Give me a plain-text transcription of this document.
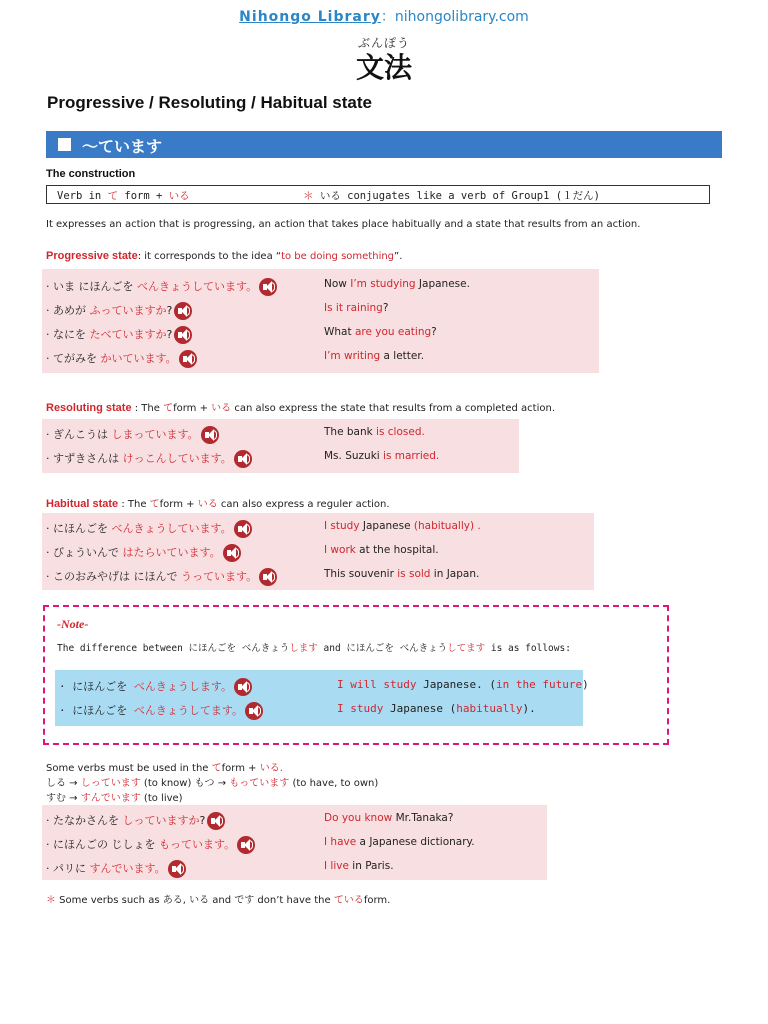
Nihongo Library：nihongolibrary.com
ぶんぽう
文法
Progressive / Resoluting / Habitual state
〜ています
The construction
Verb in て form + いる	＊ いる conjugates like a verb of Group1 (１だん)
It expresses an action that is progressing, an action that takes place habitually and a state that results from an action.
Progressive state: it corresponds to the idea “to be doing something”.
· いま にほんごを べんきょうしています。	Now I’m studying Japanese.
· あめが ふっていますか?	Is it raining?
· なにを たべていますか?	What are you eating?
· てがみを かいています。	I’m writing a letter.
Resoluting state : The てform + いる can also express the state that results from a completed action.
· ぎんこうは しまっています。	The bank is closed.
· すずきさんは けっこんしています。	Ms. Suzuki is married.
Habitual state : The てform + いる can also express a reguler action.
· にほんごを べんきょうしています。	I study Japanese (habitually) .
· びょういんで はたらいています。	I work at the hospital.
· このおみやげは にほんで うっています。	This souvenir is sold in Japan.
-Note-
The difference between にほんごを べんきょうします and にほんごを べんきょうしてます is as follows:
· にほんごを べんきょうします。	I will study Japanese. (in the future)
· にほんごを べんきょうしてます。	I study Japanese (habitually).
Some verbs must be used in the てform + いる.
しる → しっています (to know) もつ → もっています (to have, to own)
すむ → すんでいます (to live)
· たなかさんを しっていますか?	Do you know Mr.Tanaka?
· にほんごの じしょを もっています。	I have a Japanese dictionary.
· パリに すんでいます。	I live in Paris.
＊ Some verbs such as ある, いる and です don’t have the ているform.
